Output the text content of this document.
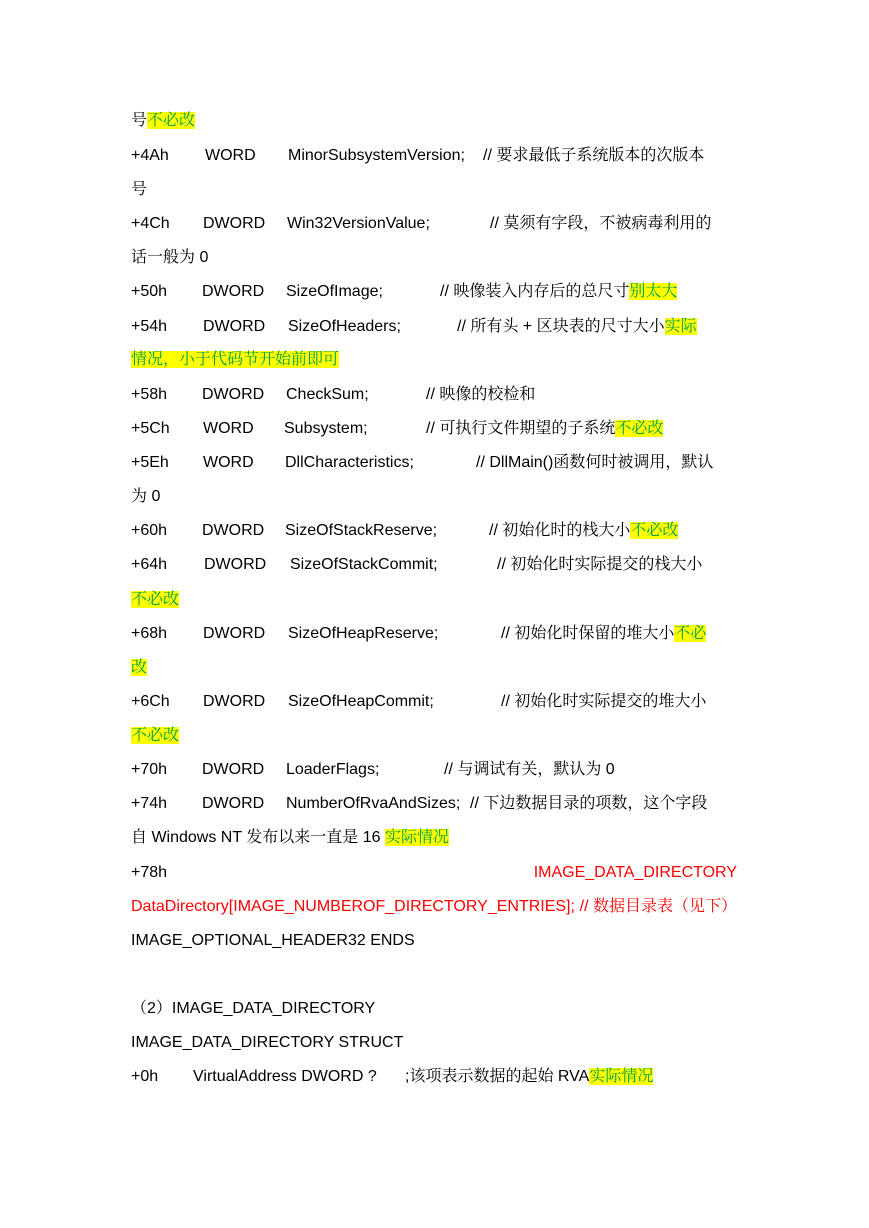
号不必改
+4Ah WORD MinorSubsystemVersion; // 要求最低子系统版本的次版本
号
+4Ch DWORD Win32VersionValue;	// 莫须有字段，不被病毒利用的
话一般为 0
+50h DWORD SizeOfImage;	// 映像装入内存后的总尺寸别太大
+54h DWORD SizeOfHeaders;	// 所有头 + 区块表的尺寸大小实际
情况，小于代码节开始前即可
+58h DWORD CheckSum;	// 映像的校检和
+5Ch WORD Subsystem;	// 可执行文件期望的子系统不必改
+5Eh WORD DllCharacteristics;	// DllMain()函数何时被调用，默认
为 0
+60h DWORD SizeOfStackReserve;	// 初始化时的栈大小不必改
+64h DWORD SizeOfStackCommit;	// 初始化时实际提交的栈大小
不必改
+68h DWORD SizeOfHeapReserve;	// 初始化时保留的堆大小不必
改
+6Ch DWORD SizeOfHeapCommit;	// 初始化时实际提交的堆大小
不必改
+70h DWORD LoaderFlags;	// 与调试有关，默认为 0
+74h DWORD NumberOfRvaAndSizes; // 下边数据目录的项数，这个字段
自 Windows NT 发布以来一直是 16 实际情况
+78h	IMAGE_DATA_DIRECTORY
DataDirectory[IMAGE_NUMBEROF_DIRECTORY_ENTRIES]; // 数据目录表（见下）
IMAGE_OPTIONAL_HEADER32 ENDS
（2）IMAGE_DATA_DIRECTORY
IMAGE_DATA_DIRECTORY STRUCT
+0h VirtualAddress DWORD ? ;该项表示数据的起始 RVA实际情况
